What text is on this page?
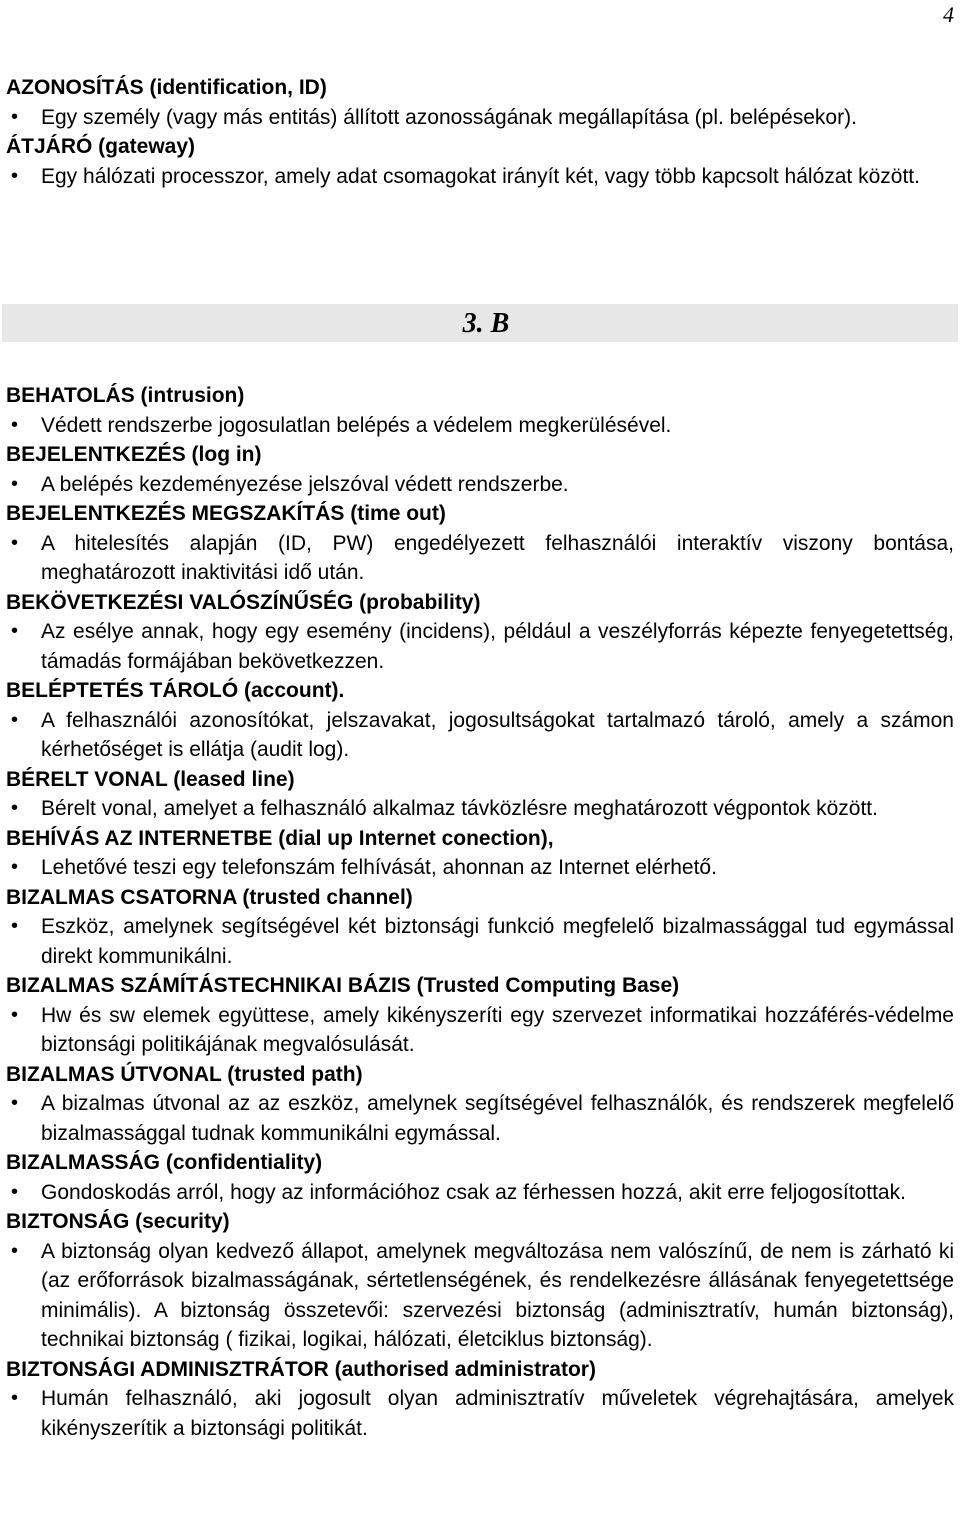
4

AZONOSÍTÁS (identification, ID)

• Egy személy (vagy más entitás) állított azonosságának megállapítása (pl. belépésekor).

ÁTJÁRÓ (gateway)

• Egy hálózati processzor, amely adat csomagokat irányít két, vagy több kapcsolt hálózat között.

3. B

BEHATOLÁS (intrusion)

• Védett rendszerbe jogosulatlan belépés a védelem megkerülésével.

BEJELENTKEZÉS (log in)

• A belépés kezdeményezése jelszóval védett rendszerbe.

BEJELENTKEZÉS MEGSZAKÍTÁS (time out)

• A hitelesítés alapján (ID, PW) engedélyezett felhasználói interaktív viszony bontása, meghatározott inaktivitási idő után.

BEKÖVETKEZÉSI VALÓSZÍNŰSÉG (probability)

• Az esélye annak, hogy egy esemény (incidens), például a veszélyforrás képezte fenyegetettség, támadás formájában bekövetkezzen.

BELÉPTETÉS TÁROLÓ (account).

• A felhasználói azonosítókat, jelszavakat, jogosultságokat tartalmazó tároló, amely a számon kérhetőséget is ellátja (audit log).

BÉRELT VONAL (leased line)

• Bérelt vonal, amelyet a felhasználó alkalmaz távközlésre meghatározott végpontok között.

BEHÍVÁS AZ INTERNETBE (dial up Internet conection),

• Lehetővé teszi egy telefonszám felhívását, ahonnan az Internet elérhető.

BIZALMAS CSATORNA (trusted channel)

• Eszköz, amelynek segítségével két biztonsági funkció megfelelő bizalmassággal tud egymással direkt kommunikálni.

BIZALMAS SZÁMÍTÁSTECHNIKAI BÁZIS (Trusted Computing Base)

• Hw és sw elemek együttese, amely kikényszeríti egy szervezet informatikai hozzáférés-védelme biztonsági politikájának megvalósulását.

BIZALMAS ÚTVONAL (trusted path)

• A bizalmas útvonal az az eszköz, amelynek segítségével felhasználók, és rendszerek megfelelő bizalmassággal tudnak kommunikálni egymással.

BIZALMASSÁG (confidentiality)

• Gondoskodás arról, hogy az információhoz csak az férhessen hozzá, akit erre feljogosítottak.

BIZTONSÁG (security)

• A biztonság olyan kedvező állapot, amelynek megváltozása nem valószínű, de nem is zárható ki (az erőforrások bizalmasságának, sértetlenségének, és rendelkezésre állásának fenyegetettsége minimális). A biztonság összetevői: szervezési biztonság (adminisztratív, humán biztonság), technikai biztonság ( fizikai, logikai, hálózati, életciklus biztonság).

BIZTONSÁGI ADMINISZTRÁTOR (authorised administrator)

• Humán felhasználó, aki jogosult olyan adminisztratív műveletek végrehajtására, amelyek kikényszerítik a biztonsági politikát.
